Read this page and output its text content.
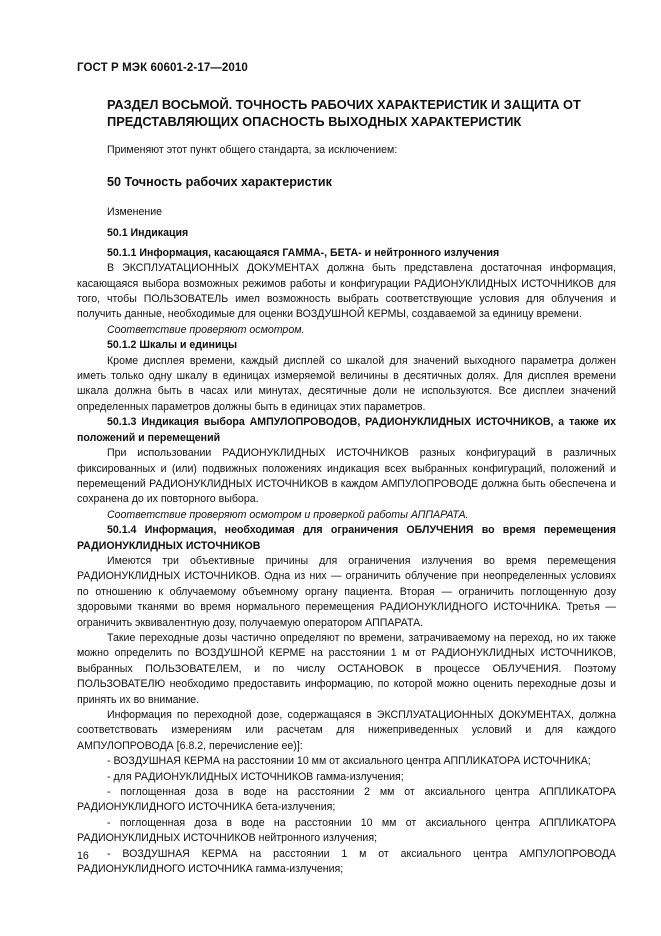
ГОСТ Р МЭК 60601-2-17—2010
РАЗДЕЛ ВОСЬМОЙ. ТОЧНОСТЬ РАБОЧИХ ХАРАКТЕРИСТИК И ЗАЩИТА ОТ ПРЕДСТАВЛЯЮЩИХ ОПАСНОСТЬ ВЫХОДНЫХ ХАРАКТЕРИСТИК
Применяют этот пункт общего стандарта, за исключением:
50 Точность рабочих характеристик

Изменение

50.1 Индикация

50.1.1 Информация, касающаяся ГАММА-, БЕТА- и нейтронного излучения

В ЭКСПЛУАТАЦИОННЫХ ДОКУМЕНТАХ должна быть представлена достаточная информация, касающаяся выбора возможных режимов работы и конфигурации РАДИОНУКЛИДНЫХ ИСТОЧНИКОВ для того, чтобы ПОЛЬЗОВАТЕЛЬ имел возможность выбрать соответствующие условия для облучения и получить данные, необходимые для оценки ВОЗДУШНОЙ КЕРМЫ, создаваемой за единицу времени.

Соответствие проверяют осмотром.

50.1.2 Шкалы и единицы

Кроме дисплея времени, каждый дисплей со шкалой для значений выходного параметра должен иметь только одну шкалу в единицах измеряемой величины в десятичных долях. Для дисплея времени шкала должна быть в часах или минутах, десятичные доли не используются. Все дисплеи значений определенных параметров должны быть в единицах этих параметров.

50.1.3 Индикация выбора АМПУЛОПРОВОДОВ, РАДИОНУКЛИДНЫХ ИСТОЧНИКОВ, а также их положений и перемещений

При использовании РАДИОНУКЛИДНЫХ ИСТОЧНИКОВ разных конфигураций в различных фиксированных и (или) подвижных положениях индикация всех выбранных конфигураций, положений и перемещений РАДИОНУКЛИДНЫХ ИСТОЧНИКОВ в каждом АМПУЛОПРОВОДЕ должна быть обеспечена и сохранена до их повторного выбора.

Соответствие проверяют осмотром и проверкой работы АППАРАТА.

50.1.4 Информация, необходимая для ограничения ОБЛУЧЕНИЯ во время перемещения РАДИОНУКЛИДНЫХ ИСТОЧНИКОВ

Имеются три объективные причины для ограничения излучения во время перемещения РАДИОНУКЛИДНЫХ ИСТОЧНИКОВ. Одна из них — ограничить облучение при неопределенных условиях по отношению к облучаемому объемному органу пациента. Вторая — ограничить поглощенную дозу здоровыми тканями во время нормального перемещения РАДИОНУКЛИДНОГО ИСТОЧНИКА. Третья — ограничить эквивалентную дозу, получаемую оператором АППАРАТА.

Такие переходные дозы частично определяют по времени, затрачиваемому на переход, но их также можно определить по ВОЗДУШНОЙ КЕРМЕ на расстоянии 1 м от РАДИОНУКЛИДНЫХ ИСТОЧНИКОВ, выбранных ПОЛЬЗОВАТЕЛЕМ, и по числу ОСТАНОВОК в процессе ОБЛУЧЕНИЯ. Поэтому ПОЛЬЗОВАТЕЛЮ необходимо предоставить информацию, по которой можно оценить переходные дозы и принять их во внимание.

Информация по переходной дозе, содержащаяся в ЭКСПЛУАТАЦИОННЫХ ДОКУМЕНТАХ, должна соответствовать измерениям или расчетам для нижеприведенных условий и для каждого АМПУЛОПРОВОДА [6.8.2, перечисление ее)]:

- ВОЗДУШНАЯ КЕРМА на расстоянии 10 мм от аксиального центра АППЛИКАТОРА ИСТОЧНИКА;

- для РАДИОНУКЛИДНЫХ ИСТОЧНИКОВ гамма-излучения;

- поглощенная доза в воде на расстоянии 2 мм от аксиального центра АППЛИКАТОРА РАДИОНУКЛИДНОГО ИСТОЧНИКА бета-излучения;

- поглощенная доза в воде на расстоянии 10 мм от аксиального центра АППЛИКАТОРА РАДИОНУКЛИДНЫХ ИСТОЧНИКОВ нейтронного излучения;

- ВОЗДУШНАЯ КЕРМА на расстоянии 1 м от аксиального центра АМПУЛОПРОВОДА РАДИОНУКЛИДНОГО ИСТОЧНИКА гамма-излучения;

16
